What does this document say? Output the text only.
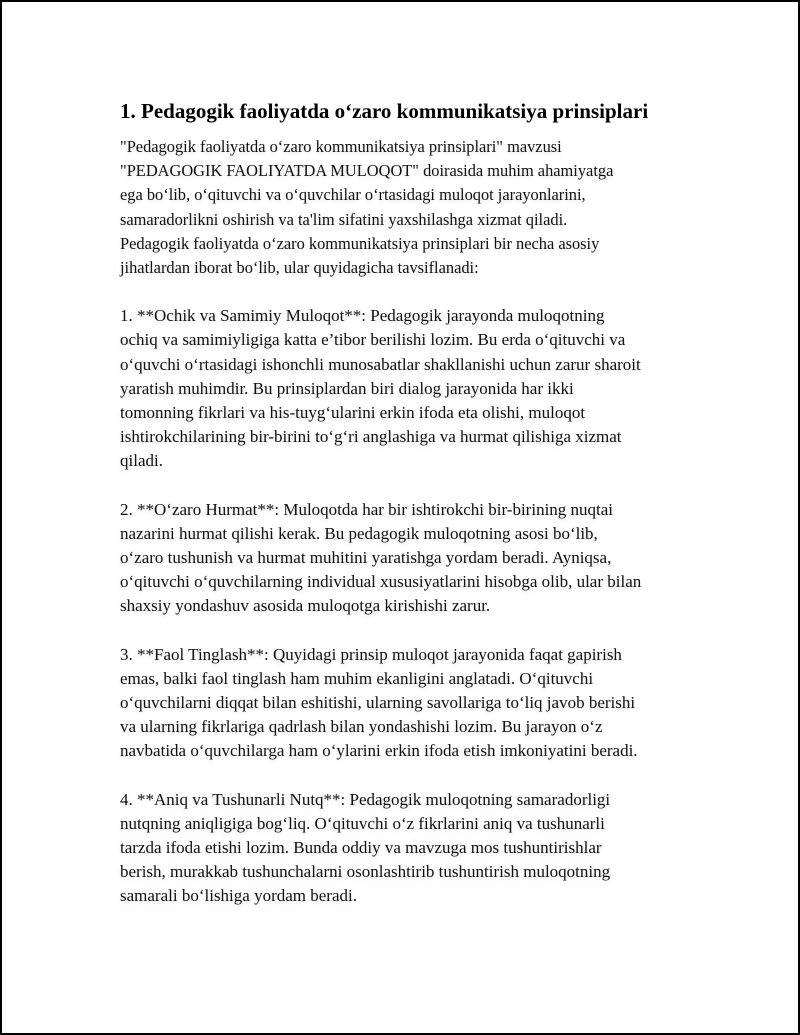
1. Pedagogik faoliyatda o‘zaro kommunikatsiya prinsiplari
"Pedagogik faoliyatda o‘zaro kommunikatsiya prinsiplari" mavzusi
"PEDAGOGIK FAOLIYATDA MULOQOT" doirasida muhim ahamiyatga
ega bo‘lib, o‘qituvchi va o‘quvchilar o‘rtasidagi muloqot jarayonlarini,
samaradorlikni oshirish va ta'lim sifatini yaxshilashga xizmat qiladi.
Pedagogik faoliyatda o‘zaro kommunikatsiya prinsiplari bir necha asosiy
jihatlardan iborat bo‘lib, ular quyidagicha tavsiflanadi:
1. **Ochik va Samimiy Muloqot**: Pedagogik jarayonda muloqotning
ochiq va samimiyligiga katta e’tibor berilishi lozim. Bu erda o‘qituvchi va
o‘quvchi o‘rtasidagi ishonchli munosabatlar shakllanishi uchun zarur sharoit
yaratish muhimdir. Bu prinsiplardan biri dialog jarayonida har ikki
tomonning fikrlari va his-tuyg‘ularini erkin ifoda eta olishi, muloqot
ishtirokchilarining bir-birini to‘g‘ri anglashiga va hurmat qilishiga xizmat
qiladi.
2. **O‘zaro Hurmat**: Muloqotda har bir ishtirokchi bir-birining nuqtai
nazarini hurmat qilishi kerak. Bu pedagogik muloqotning asosi bo‘lib,
o‘zaro tushunish va hurmat muhitini yaratishga yordam beradi. Ayniqsa,
o‘qituvchi o‘quvchilarning individual xususiyatlarini hisobga olib, ular bilan
shaxsiy yondashuv asosida muloqotga kirishishi zarur.
3. **Faol Tinglash**: Quyidagi prinsip muloqot jarayonida faqat gapirish
emas, balki faol tinglash ham muhim ekanligini anglatadi. O‘qituvchi
o‘quvchilarni diqqat bilan eshitishi, ularning savollariga to‘liq javob berishi
va ularning fikrlariga qadrlash bilan yondashishi lozim. Bu jarayon o‘z
navbatida o‘quvchilarga ham o‘ylarini erkin ifoda etish imkoniyatini beradi.
4. **Aniq va Tushunarli Nutq**: Pedagogik muloqotning samaradorligi
nutqning aniqligiga bog‘liq. O‘qituvchi o‘z fikrlarini aniq va tushunarli
tarzda ifoda etishi lozim. Bunda oddiy va mavzuga mos tushuntirishlar
berish, murakkab tushunchalarni osonlashtirib tushuntirish muloqotning
samarali bo‘lishiga yordam beradi.
